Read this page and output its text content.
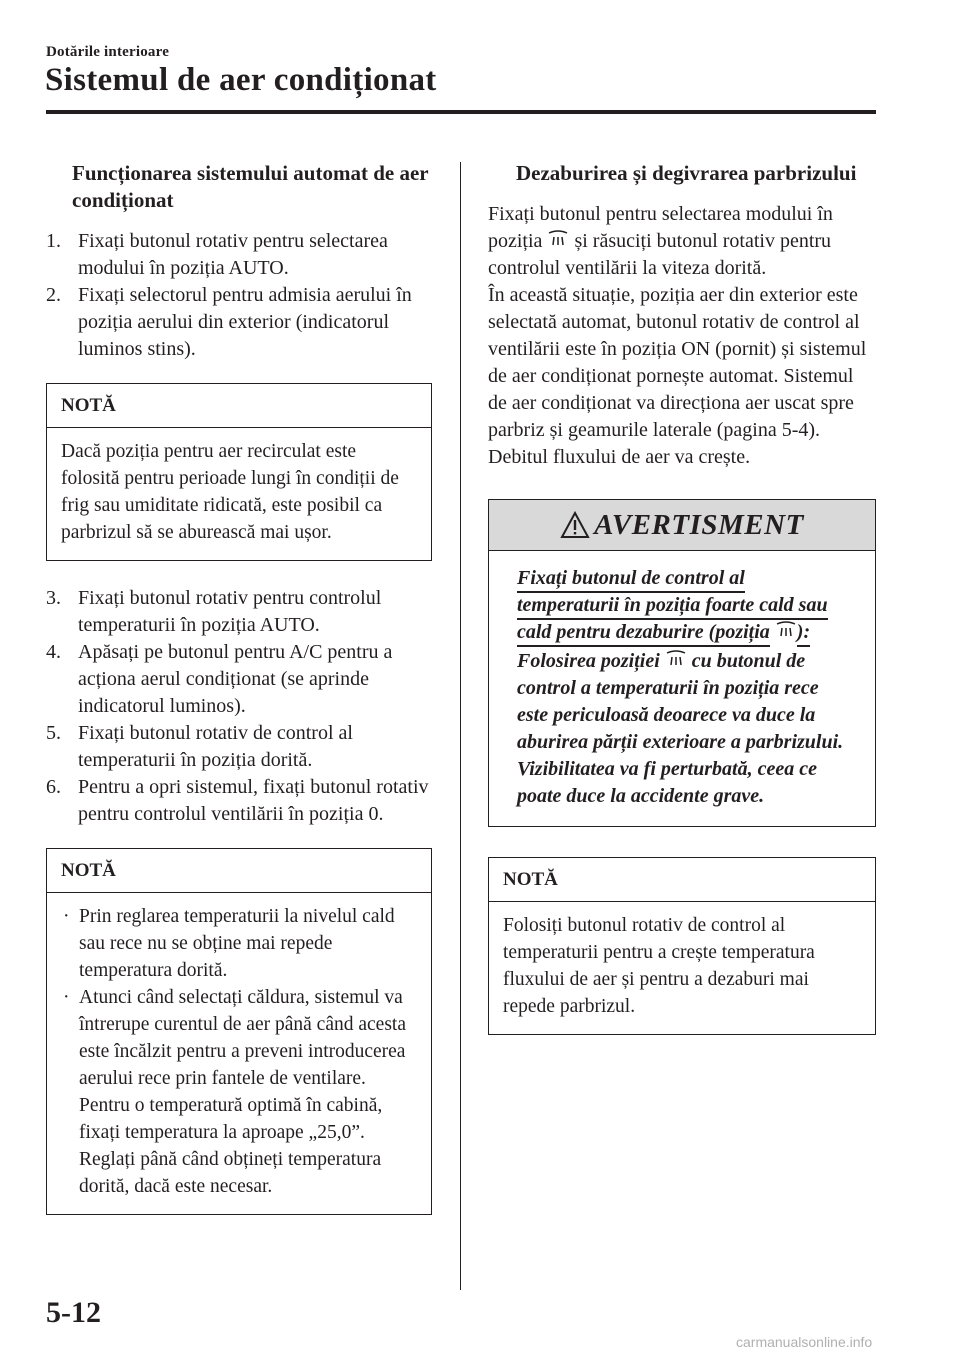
Dotările interioare
Sistemul de aer condiționat
Funcționarea sistemului automat de aer condiționat
1. Fixați butonul rotativ pentru selectarea modului în poziția AUTO.
2. Fixați selectorul pentru admisia aerului în poziția aerului din exterior (indicatorul luminos stins).
NOTĂ
Dacă poziția pentru aer recirculat este folosită pentru perioade lungi în condiții de frig sau umiditate ridicată, este posibil ca parbrizul să se aburească mai ușor.
3. Fixați butonul rotativ pentru controlul temperaturii în poziția AUTO.
4. Apăsați pe butonul pentru A/C pentru a acționa aerul condiționat (se aprinde indicatorul luminos).
5. Fixați butonul rotativ de control al temperaturii în poziția dorită.
6. Pentru a opri sistemul, fixați butonul rotativ pentru controlul ventilării în poziția 0.
NOTĂ
· Prin reglarea temperaturii la nivelul cald sau rece nu se obține mai repede temperatura dorită.
· Atunci când selectați căldura, sistemul va întrerupe curentul de aer până când acesta este încălzit pentru a preveni introducerea aerului rece prin fantele de ventilare.
Pentru o temperatură optimă în cabină, fixați temperatura la aproape „25,0”. Reglați până când obțineți temperatura dorită, dacă este necesar.
Dezaburirea și degivrarea parbrizului

Fixați butonul pentru selectarea modului în poziția și răsuciți butonul rotativ pentru controlul ventilării la viteza dorită.

În această situație, poziția aer din exterior este selectată automat, butonul rotativ de control al ventilării este în poziția ON (pornit) și sistemul de aer condiționat pornește automat. Sistemul de aer condiționat va direcționa aer uscat spre parbriz și geamurile laterale (pagina 5-4). Debitul fluxului de aer va crește.

AVERTISMENT
Fixați butonul de control al temperaturii în poziția foarte cald sau cald pentru dezaburire (poziția ):
Folosirea poziției cu butonul de control a temperaturii în poziția rece este periculoasă deoarece va duce la aburirea părții exterioare a parbrizului. Vizibilitatea va fi perturbată, ceea ce poate duce la accidente grave.
NOTĂ
Folosiți butonul rotativ de control al temperaturii pentru a crește temperatura fluxului de aer și pentru a dezaburi mai repede parbrizul.
5-12
carmanualsonline.info
